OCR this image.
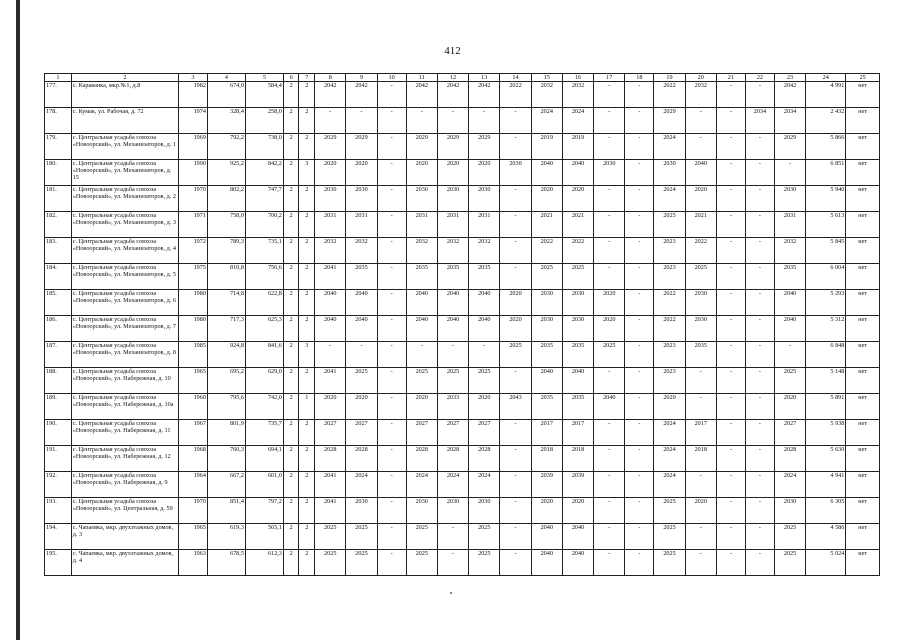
412
1	2	3	4	5	6	7	8	9	10	11	12	13	14	15	16	17	18	19	20	21	22	23	24	25
177.	с. Караванка, мкр.№1, д.8	1982	674,0	584,4	2	2	2042	2042	-	2042	2042	2042	2022	2032	2032	-	-	2022	2032	-	-	2042	4 991	нет
178.	с. Кумак, ул. Рабочая, д. 72	1974	328,4	258,0	2	2	-	-	-	-	-	-	-	2024	2024	-	-	2029	-	-	2034	2034	2 432	нет
179.	с. Центральная усадьба совхоза «Новоорский», ул. Механизаторов, д. 1	1969	792,2	738,0	2	2	2029	2029	-	2029	2029	2029	-	2019	2019	-	-	2024	-	-	-	2029	5 866	нет
180.	с. Центральная усадьба совхоза «Новоорский», ул. Механизаторов, д. 15	1990	925,2	842,2	2	3	2020	2020	-	2020	2020	2020	2030	2040	2040	2030	-	2030	2040	-	-	-	6 851	нет
181.	с. Центральная усадьба совхоза «Новоорский», ул. Механизаторов, д. 2	1970	802,2	747,7	2	2	2030	2030	-	2030	2030	2030	-	2020	2020	-	-	2024	2020	-	-	2030	5 940	нет
182.	с. Центральная усадьба совхоза «Новоорский», ул. Механизаторов, д. 3	1971	758,0	700,2	2	2	2031	2031	-	2031	2031	2031	-	2021	2021	-	-	2025	2021	-	-	2031	5 613	нет
183.	с. Центральная усадьба совхоза «Новоорский», ул. Механизаторов, д. 4	1972	789,3	735,1	2	2	2032	2032	-	2032	2032	2032	-	2022	2022	-	-	2023	2022	-	-	2032	5 845	нет
184.	с. Центральная усадьба совхоза «Новоорский», ул. Механизаторов, д. 5	1975	810,8	756,6	2	2	2041	2035	-	2035	2035	2035	-	2025	2025	-	-	2023	2025	-	-	2035	6 004	нет
185.	с. Центральная усадьба совхоза «Новоорский», ул. Механизаторов, д. 6	1980	714,8	622,8	2	2	2040	2040	-	2040	2040	2040	2020	2030	2030	2020	-	2022	2030	-	-	2040	5 293	нет
186.	с. Центральная усадьба совхоза «Новоорский», ул. Механизаторов, д. 7	1980	717,3	625,3	2	2	2040	2040	-	2040	2040	2040	2020	2030	2030	2020	-	2022	2030	-	-	2040	5 312	нет
187.	с. Центральная усадьба совхоза «Новоорский», ул. Механизаторов, д. 8	1985	924,8	841,6	2	3	-	-	-	-	-	-	2025	2035	2035	2025	-	2023	2035	-	-	-	6 848	нет
188.	с. Центральная усадьба совхоза «Новоорский», ул. Набережная, д. 10	1965	695,2	629,0	2	2	2041	2025	-	2025	2025	2025	-	2040	2040	-	-	2023	-	-	-	2025	5 148	нет
189.	с. Центральная усадьба совхоза «Новоорский», ул. Набережная, д. 10а	1960	795,6	742,0	2	1	2020	2020	-	2020	2033	2020	2043	2035	2035	2040	-	2020	-	-	-	2020	5 891	нет
190.	с. Центральная усадьба совхоза «Новоорский», ул. Набережная, д. 11	1967	801,9	735,7	2	2	2027	2027	-	2027	2027	2027	-	2017	2017	-	-	2024	2017	-	-	2027	5 938	нет
191.	с. Центральная усадьба совхоза «Новоорский», ул. Набережная, д. 12	1968	760,3	694,1	2	2	2028	2028	-	2028	2028	2028	-	2018	2018	-	-	2024	2018	-	-	2028	5 630	нет
192.	с. Центральная усадьба совхоза «Новоорский», ул. Набережная, д. 9	1964	667,2	601,0	2	2	2041	2024	-	2024	2024	2024	-	2039	2039	-	-	2024	-	-	-	2024	4 941	нет
193.	с. Центральная усадьба совхоза «Новоорский», ул. Центральная, д. 59	1970	851,4	797,2	2	2	2041	2030	-	2030	2030	2030	-	2020	2020	-	-	2025	2020	-	-	2030	6 305	нет
194.	с. Чапаевка, мкр. двухэтажных домов, д. 3	1965	619,3	565,1	2	2	2025	2025	-	2025	-	2025	-	2040	2040	-	-	2025	-	-	-	2025	4 586	нет
195.	с. Чапаевка, мкр. двухэтажных домов, д. 4	1963	678,5	612,3	2	2	2025	2025	-	2025	-	2025	-	2040	2040	-	-	2025	-	-	-	2025	5 024	нет
